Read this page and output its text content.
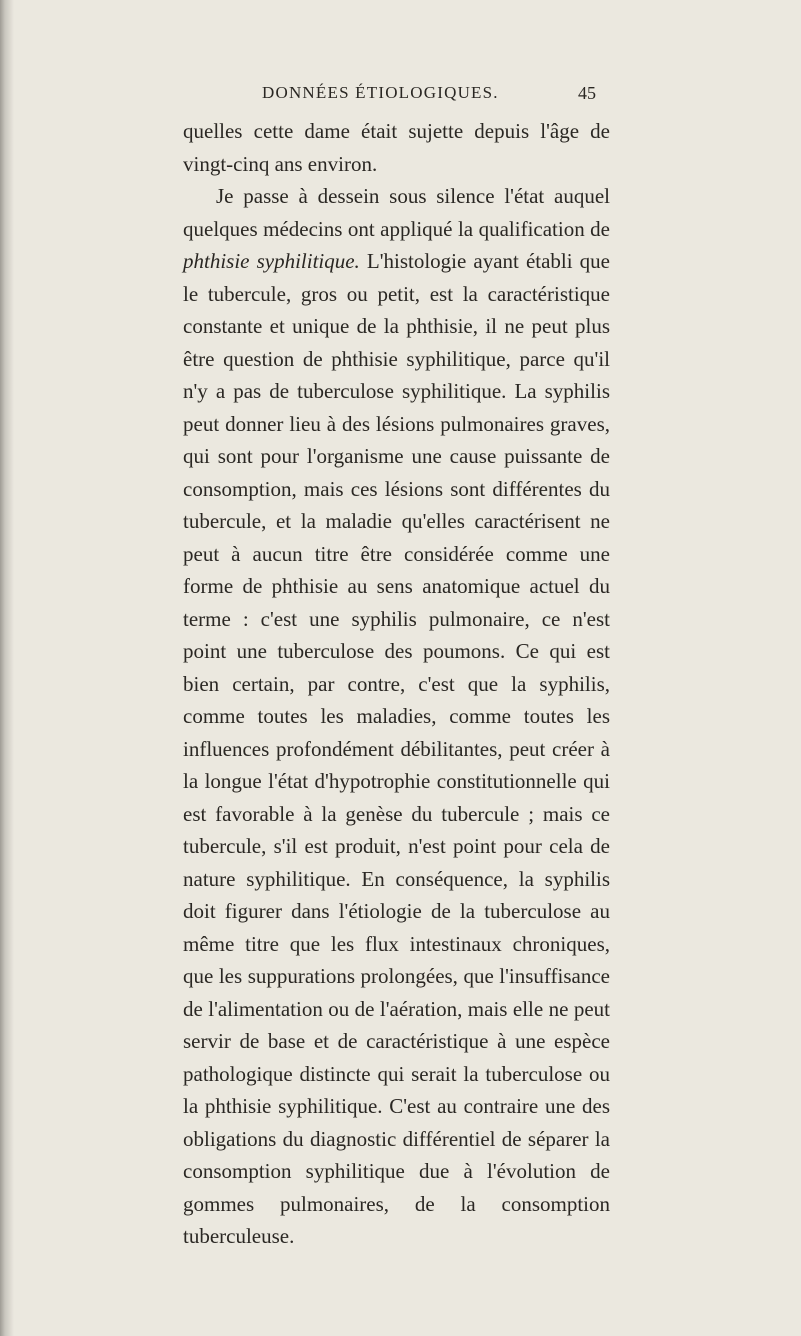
DONNÉES ÉTIOLOGIQUES.	45

quelles cette dame était sujette depuis l'âge de vingt-cinq ans environ.

Je passe à dessein sous silence l'état auquel quelques médecins ont appliqué la qualification de phthisie syphilitique. L'histologie ayant établi que le tubercule, gros ou petit, est la caractéristique constante et unique de la phthisie, il ne peut plus être question de phthisie syphilitique, parce qu'il n'y a pas de tuberculose syphilitique. La syphilis peut donner lieu à des lésions pulmonaires graves, qui sont pour l'organisme une cause puissante de consomption, mais ces lésions sont différentes du tubercule, et la maladie qu'elles caractérisent ne peut à aucun titre être considérée comme une forme de phthisie au sens anatomique actuel du terme : c'est une syphilis pulmonaire, ce n'est point une tuberculose des poumons. Ce qui est bien certain, par contre, c'est que la syphilis, comme toutes les maladies, comme toutes les influences profondément débilitantes, peut créer à la longue l'état d'hypotrophie constitutionnelle qui est favorable à la genèse du tubercule ; mais ce tubercule, s'il est produit, n'est point pour cela de nature syphilitique. En conséquence, la syphilis doit figurer dans l'étiologie de la tuberculose au même titre que les flux intestinaux chroniques, que les suppurations prolongées, que l'insuffisance de l'alimentation ou de l'aération, mais elle ne peut servir de base et de caractéristique à une espèce pathologique distincte qui serait la tuberculose ou la phthisie syphilitique. C'est au contraire une des obligations du diagnostic différentiel de séparer la consomption syphilitique due à l'évolution de gommes pulmonaires, de la consomption tuberculeuse.
